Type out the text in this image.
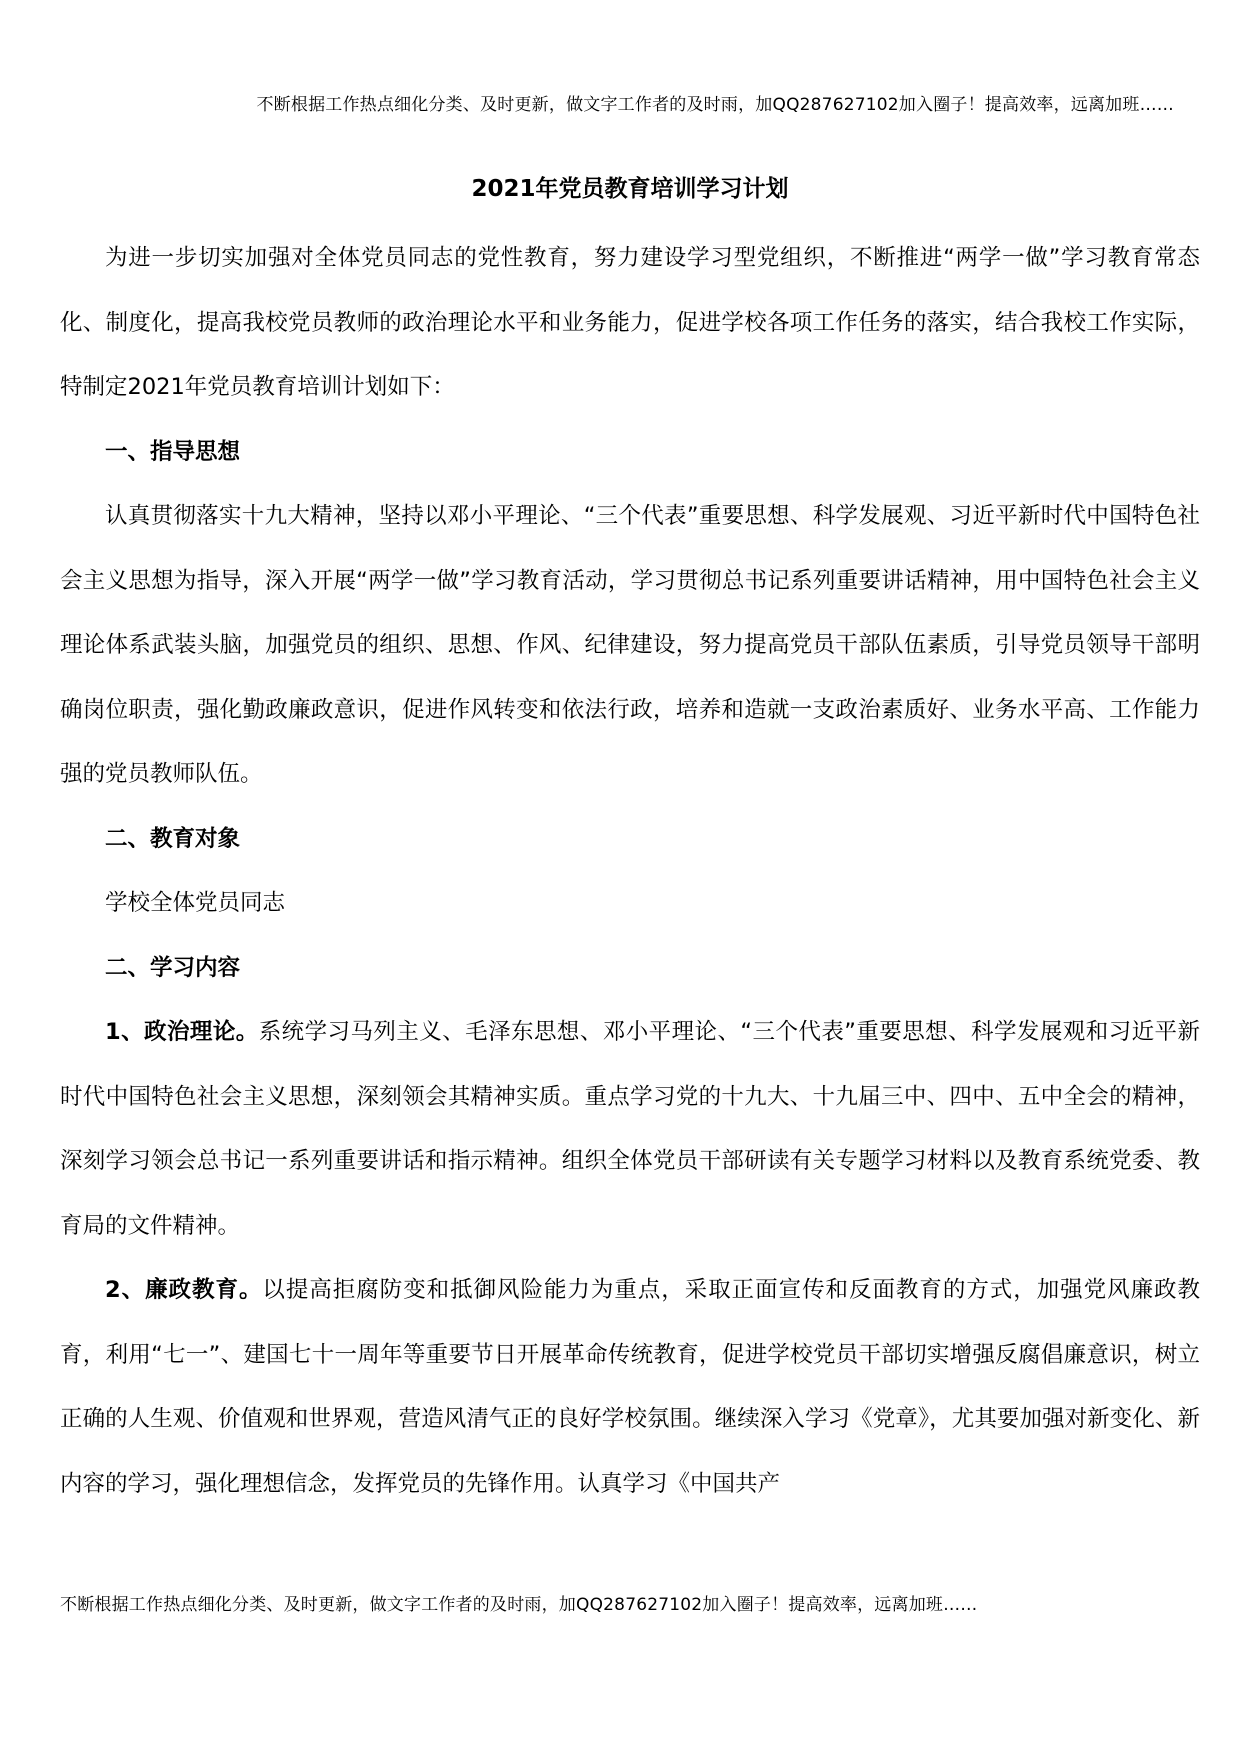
不断根据工作热点细化分类、及时更新，做文字工作者的及时雨，加QQ287627102加入圈子！提高效率，远离加班……
2021年党员教育培训学习计划

为进一步切实加强对全体党员同志的党性教育，努力建设学习型党组织，不断推进“两学一做”学习教育常态化、制度化，提高我校党员教师的政治理论水平和业务能力，促进学校各项工作任务的落实，结合我校工作实际，特制定2021年党员教育培训计划如下：

一、指导思想

认真贯彻落实十九大精神，坚持以邓小平理论、“三个代表”重要思想、科学发展观、习近平新时代中国特色社会主义思想为指导，深入开展“两学一做”学习教育活动，学习贯彻总书记系列重要讲话精神，用中国特色社会主义理论体系武装头脑，加强党员的组织、思想、作风、纪律建设，努力提高党员干部队伍素质，引导党员领导干部明确岗位职责，强化勤政廉政意识，促进作风转变和依法行政，培养和造就一支政治素质好、业务水平高、工作能力强的党员教师队伍。

二、教育对象

学校全体党员同志

二、学习内容

1、政治理论。系统学习马列主义、毛泽东思想、邓小平理论、“三个代表”重要思想、科学发展观和习近平新时代中国特色社会主义思想，深刻领会其精神实质。重点学习党的十九大、十九届三中、四中、五中全会的精神，深刻学习领会总书记一系列重要讲话和指示精神。组织全体党员干部研读有关专题学习材料以及教育系统党委、教育局的文件精神。

2、廉政教育。以提高拒腐防变和抵御风险能力为重点，采取正面宣传和反面教育的方式，加强党风廉政教育，利用“七一”、建国七十一周年等重要节日开展革命传统教育，促进学校党员干部切实增强反腐倡廉意识，树立正确的人生观、价值观和世界观，营造风清气正的良好学校氛围。继续深入学习《党章》，尤其要加强对新变化、新内容的学习，强化理想信念，发挥党员的先锋作用。认真学习《中国共产

不断根据工作热点细化分类、及时更新，做文字工作者的及时雨，加QQ287627102加入圈子！提高效率，远离加班……
